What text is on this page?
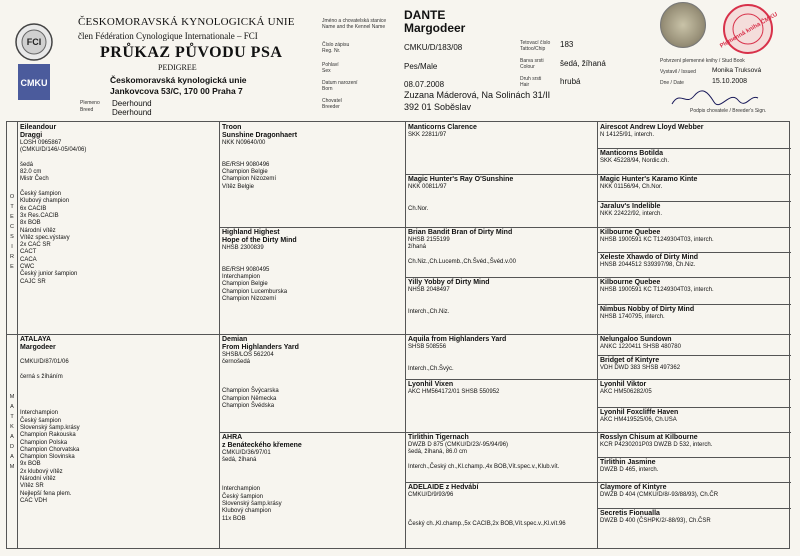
FCI
CMKU
ČESKOMORAVSKÁ KYNOLOGICKÁ UNIE
člen Fédération Cynologique Internationale – FCI
PRŮKAZ PŮVODU PSA
PEDIGREE
Českomoravská kynologická unie
Jankovcova 53/C, 170 00 Praha 7
Plemeno
Breed
Deerhound
Deerhound
Jméno a chovatelská stanice
Name and the Kennel Name
Číslo zápisu
Reg. Nr.
Pohlaví
Sex
Datum narození
Born
Chovatel
Breeder
DANTE
Margodeer
CMKU/D/183/08
Pes/Male
08.07.2008
Zuzana Máderová, Na Solinách 31/II
392 01 Soběslav
Tetovací číslo
Tattoo/Chip
Barva srsti
Colour
Druh srsti
Hair
183
šedá, žíhaná
hrubá
Plemenná kniha ČMKU
Potvrzení plemenné knihy / Stud Book
Vystavil / Issued Monika Truksová
Dne / Date	15.10.2008
Podpis chovatele / Breeder's Sign.
O
T
E
C
S
I
R
E
M
A
T
K
A
D
A
M
Eileandour
Draggi
LOSH 0965867
(CMKU/D/146/-05/04/06)

šedá
82.0 cm
Mistr Čech

Český šampion
Klubový champion
6x CACIB
3x Res.CACIB
8x BOB
Národní vítěz
Vítěz spec.výstavy
2x CAC SR
CACT
CACA
CWC
Český junior šampion
CAJC SR
ATALAYA
Margodeer

CMKU/D/87/01/06

černá s žíháním

Interchampion
Český šampion
Slovenský šamp.krásy
Champion Rakouska
Champion Polska
Champion Chorvatska
Champion Slovinska
9x BOB
2x klubový vítěz
Národní vítěz
Vítěz SR
Nejlepší fena plem.
CAC VDH
Troon
Sunshine Dragonhaert
NKK N09640/00

BE/RSH 9080496
Champion Belgie
Champion Nizozemí
Vítěz Belgie
Highland Highest
Hope of the Dirty Mind
NHSB 2300839

BE/RSH 9080495
Interchampion
Champion Belgie
Champion Lucemburska
Champion Nizozemí
Demian
From Highlanders Yard
SHSB/LOS 562204
černošedá

Champion Švýcarska
Champion Německa
Champion Švédska
AHRA
z Benáteckého křemene
CMKU/D/36/97/01
šedá, žíhaná

Interchampion
Český šampion
Slovenský šamp.krásy
Klubový champion
11x BOB
Manticorns Clarence
SKK 22811/97
Magic Hunter's Ray O'Sunshine
NKK 00811/97

Ch.Nor.
Brian Bandit Bran of Dirty Mind
NHSB 2155199
žíhaná

Ch.Niz.,Ch.Lucemb.,Ch.Švéd.,Švéd.v.00
Yilly Yobby of Dirty Mind
NHSB 2048497

Interch.,Ch.Niz.
Aquila from Highlanders Yard
SHSB 508556

Interch.,Ch.Švýc.
Lyonhil Vixen
AKC HM564172/01 SHSB 550952
Tirlithin Tigernach
DWZB D 875 (CMKU/D/23/-95/94/96)
šedá, žíhaná, 86.0 cm

Interch.,Český ch.,Kl.champ.,4x BOB,Vít.spec.v.,Klub.vít.
ADELAIDE z Hedvábí
CMKU/D/9/93/96

Český ch.,Kl.champ.,5x CACIB,2x BOB,Vít.spec.v.,Kl.vít.96
Airescot Andrew Lloyd Webber
N 14125/91, interch.
Manticorns Botilda
SKK 45228/94, Nordic.ch.
Magic Hunter's Karamo Kinte
NKK 01156/94, Ch.Nor.
Jaraluv's Indelible
NKK 22422/92, interch.
Kilbourne Quebee
NHSB 1900591 KC T1249304T03, interch.
Xeleste Xhawdo of Dirty Mind
HNSB 2044512 S39397/98, Ch.Niz.
Kilbourne Quebee
NHSB 1900591 KC T1249304T03, interch.
Nimbus Nobby of Dirty Mind
NHSB 1740795, interch.
Nelungaloo Sundown
ANKC 1220411 SHSB 480780
Bridget of Kintyre
VDH DWD 383 SHSB 497362
Lyonhil Viktor
AKC HM506282/05
Lyonhil Foxcliffe Haven
AKC HM419525/06, Ch.USA
Rosslyn Chisum at Kilbourne
KCR P4230201P03 DWZB D 532, interch.
Tirlithin Jasmine
DWZB D 465, interch.
Claymore of Kintyre
DWZB D 404 (CMKU/D/8/-93/88/93), Ch.ČR
Secretis Fionualla
DWZB D 400 (ČSHPK/2/-88/93), Ch.ČSR
